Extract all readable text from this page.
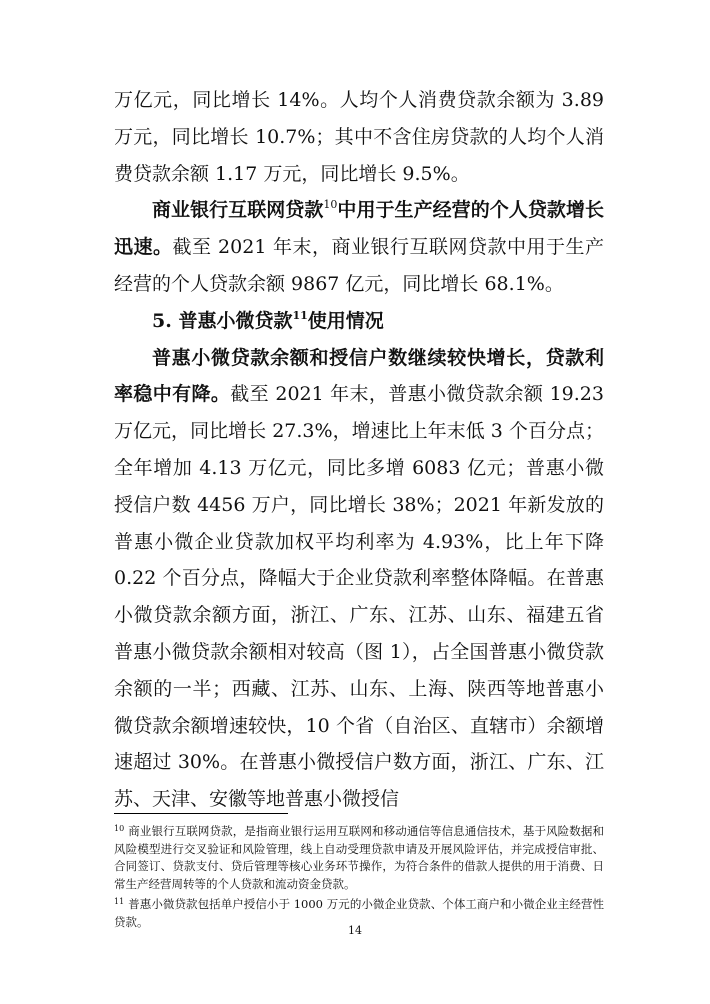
万亿元，同比增长 14%。人均个人消费贷款余额为 3.89 万元，同比增长 10.7%；其中不含住房贷款的人均个人消费贷款余额 1.17 万元，同比增长 9.5%。

商业银行互联网贷款$^{10}$中用于生产经营的个人贷款增长迅速。截至 2021 年末，商业银行互联网贷款中用于生产经营的个人贷款余额 9867 亿元，同比增长 68.1%。

5. 普惠小微贷款$^{11}$使用情况

普惠小微贷款余额和授信户数继续较快增长，贷款利率稳中有降。截至 2021 年末，普惠小微贷款余额 19.23 万亿元，同比增长 27.3%，增速比上年末低 3 个百分点；全年增加 4.13 万亿元，同比多增 6083 亿元；普惠小微授信户数 4456 万户，同比增长 38%；2021 年新发放的普惠小微企业贷款加权平均利率为 4.93%，比上年下降 0.22 个百分点，降幅大于企业贷款利率整体降幅。在普惠小微贷款余额方面，浙江、广东、江苏、山东、福建五省普惠小微贷款余额相对较高（图 1），占全国普惠小微贷款余额的一半；西藏、江苏、山东、上海、陕西等地普惠小微贷款余额增速较快，10 个省（自治区、直辖市）余额增速超过 30%。在普惠小微授信户数方面，浙江、广东、江苏、天津、安徽等地普惠小微授信

$^{10}$ 商业银行互联网贷款，是指商业银行运用互联网和移动通信等信息通信技术，基于风险数据和风险模型进行交叉验证和风险管理，线上自动受理贷款申请及开展风险评估，并完成授信审批、合同签订、贷款支付、贷后管理等核心业务环节操作，为符合条件的借款人提供的用于消费、日常生产经营周转等的个人贷款和流动资金贷款。

$^{11}$ 普惠小微贷款包括单户授信小于 1000 万元的小微企业贷款、个体工商户和小微企业主经营性贷款。

14
